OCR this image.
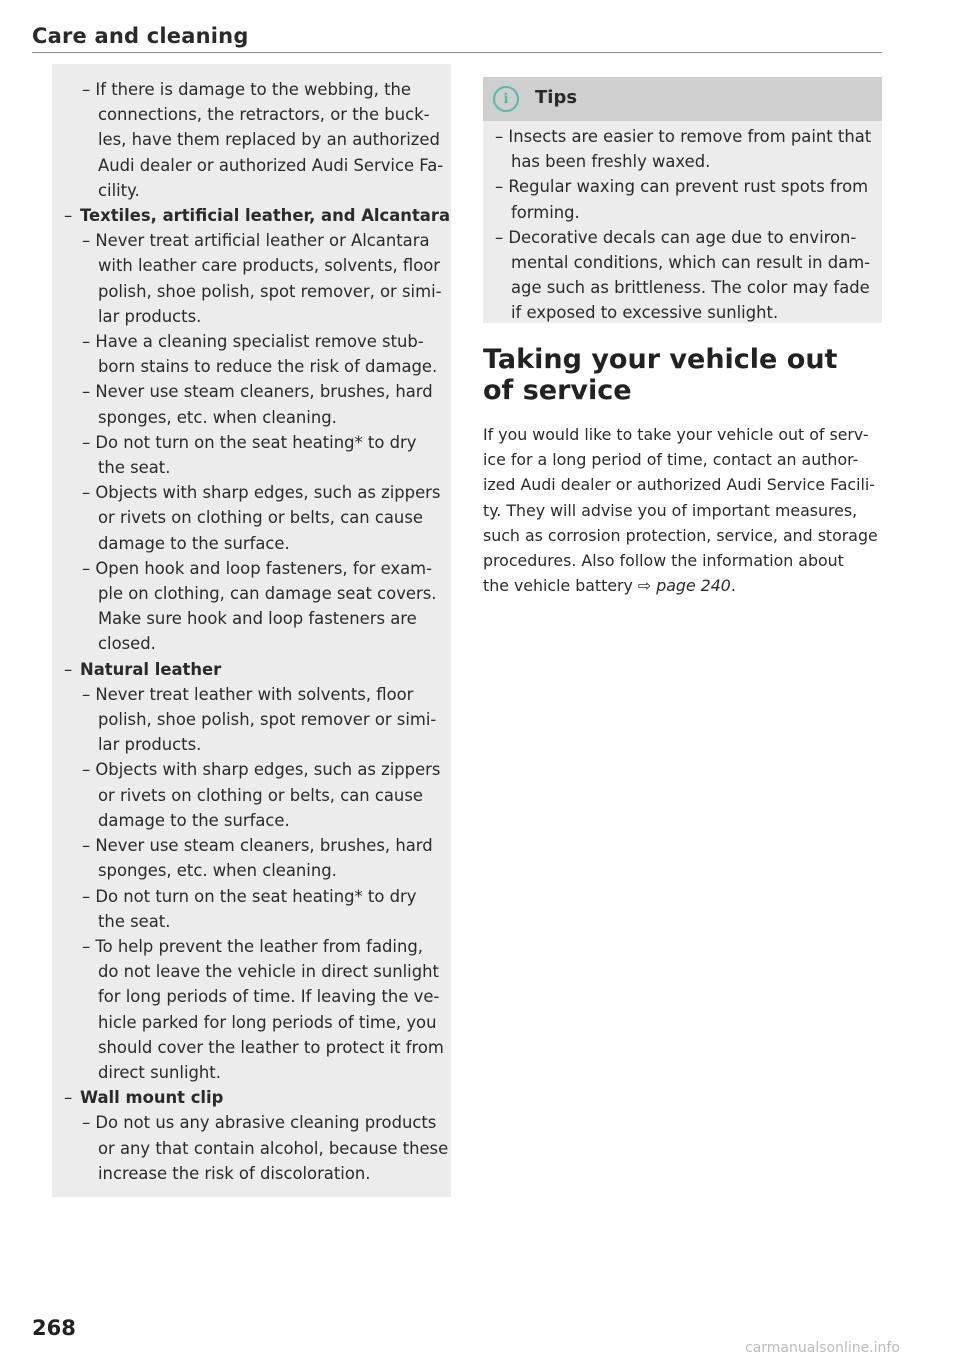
Care and cleaning
– If there is damage to the webbing, the
connections, the retractors, or the buck-
les, have them replaced by an authorized
Audi dealer or authorized Audi Service Fa-
cility.
– Textiles, artificial leather, and Alcantara
– Never treat artificial leather or Alcantara
with leather care products, solvents, floor
polish, shoe polish, spot remover, or simi-
lar products.
– Have a cleaning specialist remove stub-
born stains to reduce the risk of damage.
– Never use steam cleaners, brushes, hard
sponges, etc. when cleaning.
– Do not turn on the seat heating* to dry
the seat.
– Objects with sharp edges, such as zippers
or rivets on clothing or belts, can cause
damage to the surface.
– Open hook and loop fasteners, for exam-
ple on clothing, can damage seat covers.
Make sure hook and loop fasteners are
closed.
– Natural leather
– Never treat leather with solvents, floor
polish, shoe polish, spot remover or simi-
lar products.
– Objects with sharp edges, such as zippers
or rivets on clothing or belts, can cause
damage to the surface.
– Never use steam cleaners, brushes, hard
sponges, etc. when cleaning.
– Do not turn on the seat heating* to dry
the seat.
– To help prevent the leather from fading,
do not leave the vehicle in direct sunlight
for long periods of time. If leaving the ve-
hicle parked for long periods of time, you
should cover the leather to protect it from
direct sunlight.
– Wall mount clip
– Do not us any abrasive cleaning products
or any that contain alcohol, because these
increase the risk of discoloration.
i	Tips
– Insects are easier to remove from paint that
has been freshly waxed.
– Regular waxing can prevent rust spots from
forming.
– Decorative decals can age due to environ-
mental conditions, which can result in dam-
age such as brittleness. The color may fade
if exposed to excessive sunlight.
Taking your vehicle out
of service
If you would like to take your vehicle out of serv-
ice for a long period of time, contact an author-
ized Audi dealer or authorized Audi Service Facili-
ty. They will advise you of important measures,
such as corrosion protection, service, and storage
procedures. Also follow the information about
the vehicle battery ⇨ page 240.
268
carmanualsonline.info
